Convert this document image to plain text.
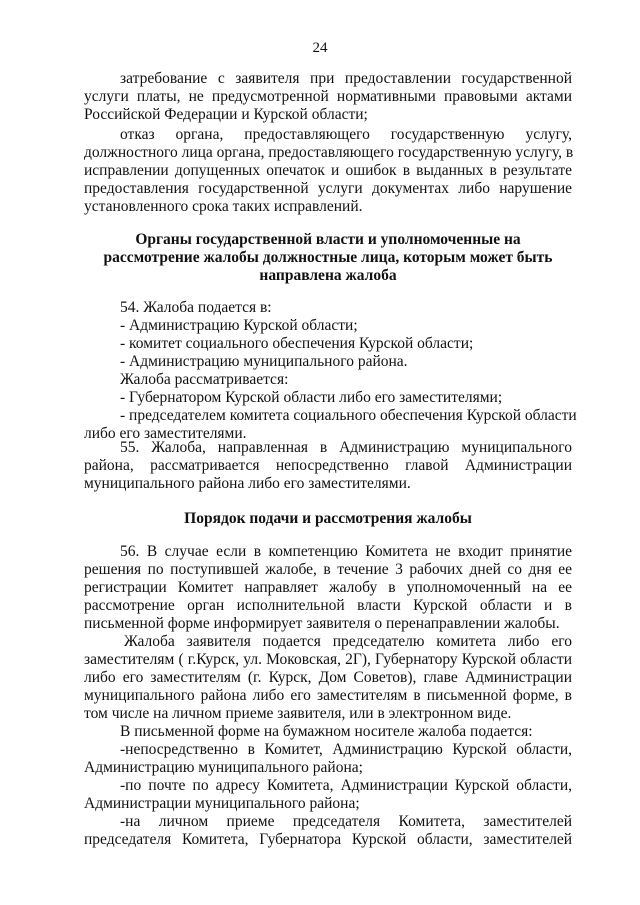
24
затребование с заявителя при предоставлении государственной
услуги платы, не предусмотренной нормативными правовыми актами
Российской Федерации и Курской области;
отказ органа, предоставляющего государственную услугу,
должностного лица органа, предоставляющего государственную услугу, в
исправлении допущенных опечаток и ошибок в выданных в результате
предоставления государственной услуги документах либо нарушение
установленного срока таких исправлений.
54. Жалоба подается в:
- Администрацию Курской области;
- комитет социального обеспечения Курской области;
- Администрацию муниципального района.
Жалоба рассматривается:
- Губернатором Курской области либо его заместителями;
- председателем комитета социального обеспечения Курской области
либо его заместителями.
55. Жалоба, направленная в Администрацию муниципального
района, рассматривается непосредственно главой Администрации
муниципального района либо его заместителями.
56. В случае если в компетенцию Комитета не входит принятие
решения по поступившей жалобе, в течение 3 рабочих дней со дня ее
регистрации Комитет направляет жалобу в уполномоченный на ее
рассмотрение орган исполнительной власти Курской области и в
письменной форме информирует заявителя о перенаправлении жалобы.
Жалоба заявителя подается председателю комитета либо его
заместителям ( г.Курск, ул. Моковская, 2Г), Губернатору Курской области
либо его заместителям (г. Курск, Дом Советов), главе Администрации
муниципального района либо его заместителям в письменной форме, в
том числе на личном приеме заявителя, или в электронном виде.
В письменной форме на бумажном носителе жалоба подается:
-непосредственно в Комитет, Администрацию Курской области,
Администрацию муниципального района;
-по почте по адресу Комитета, Администрации Курской области,
Администрации муниципального района;
-на личном приеме председателя Комитета, заместителей
председателя Комитета, Губернатора Курской области, заместителей
Органы государственной власти и уполномоченные на
рассмотрение жалобы должностные лица, которым может быть
направлена жалоба
Порядок подачи и рассмотрения жалобы
